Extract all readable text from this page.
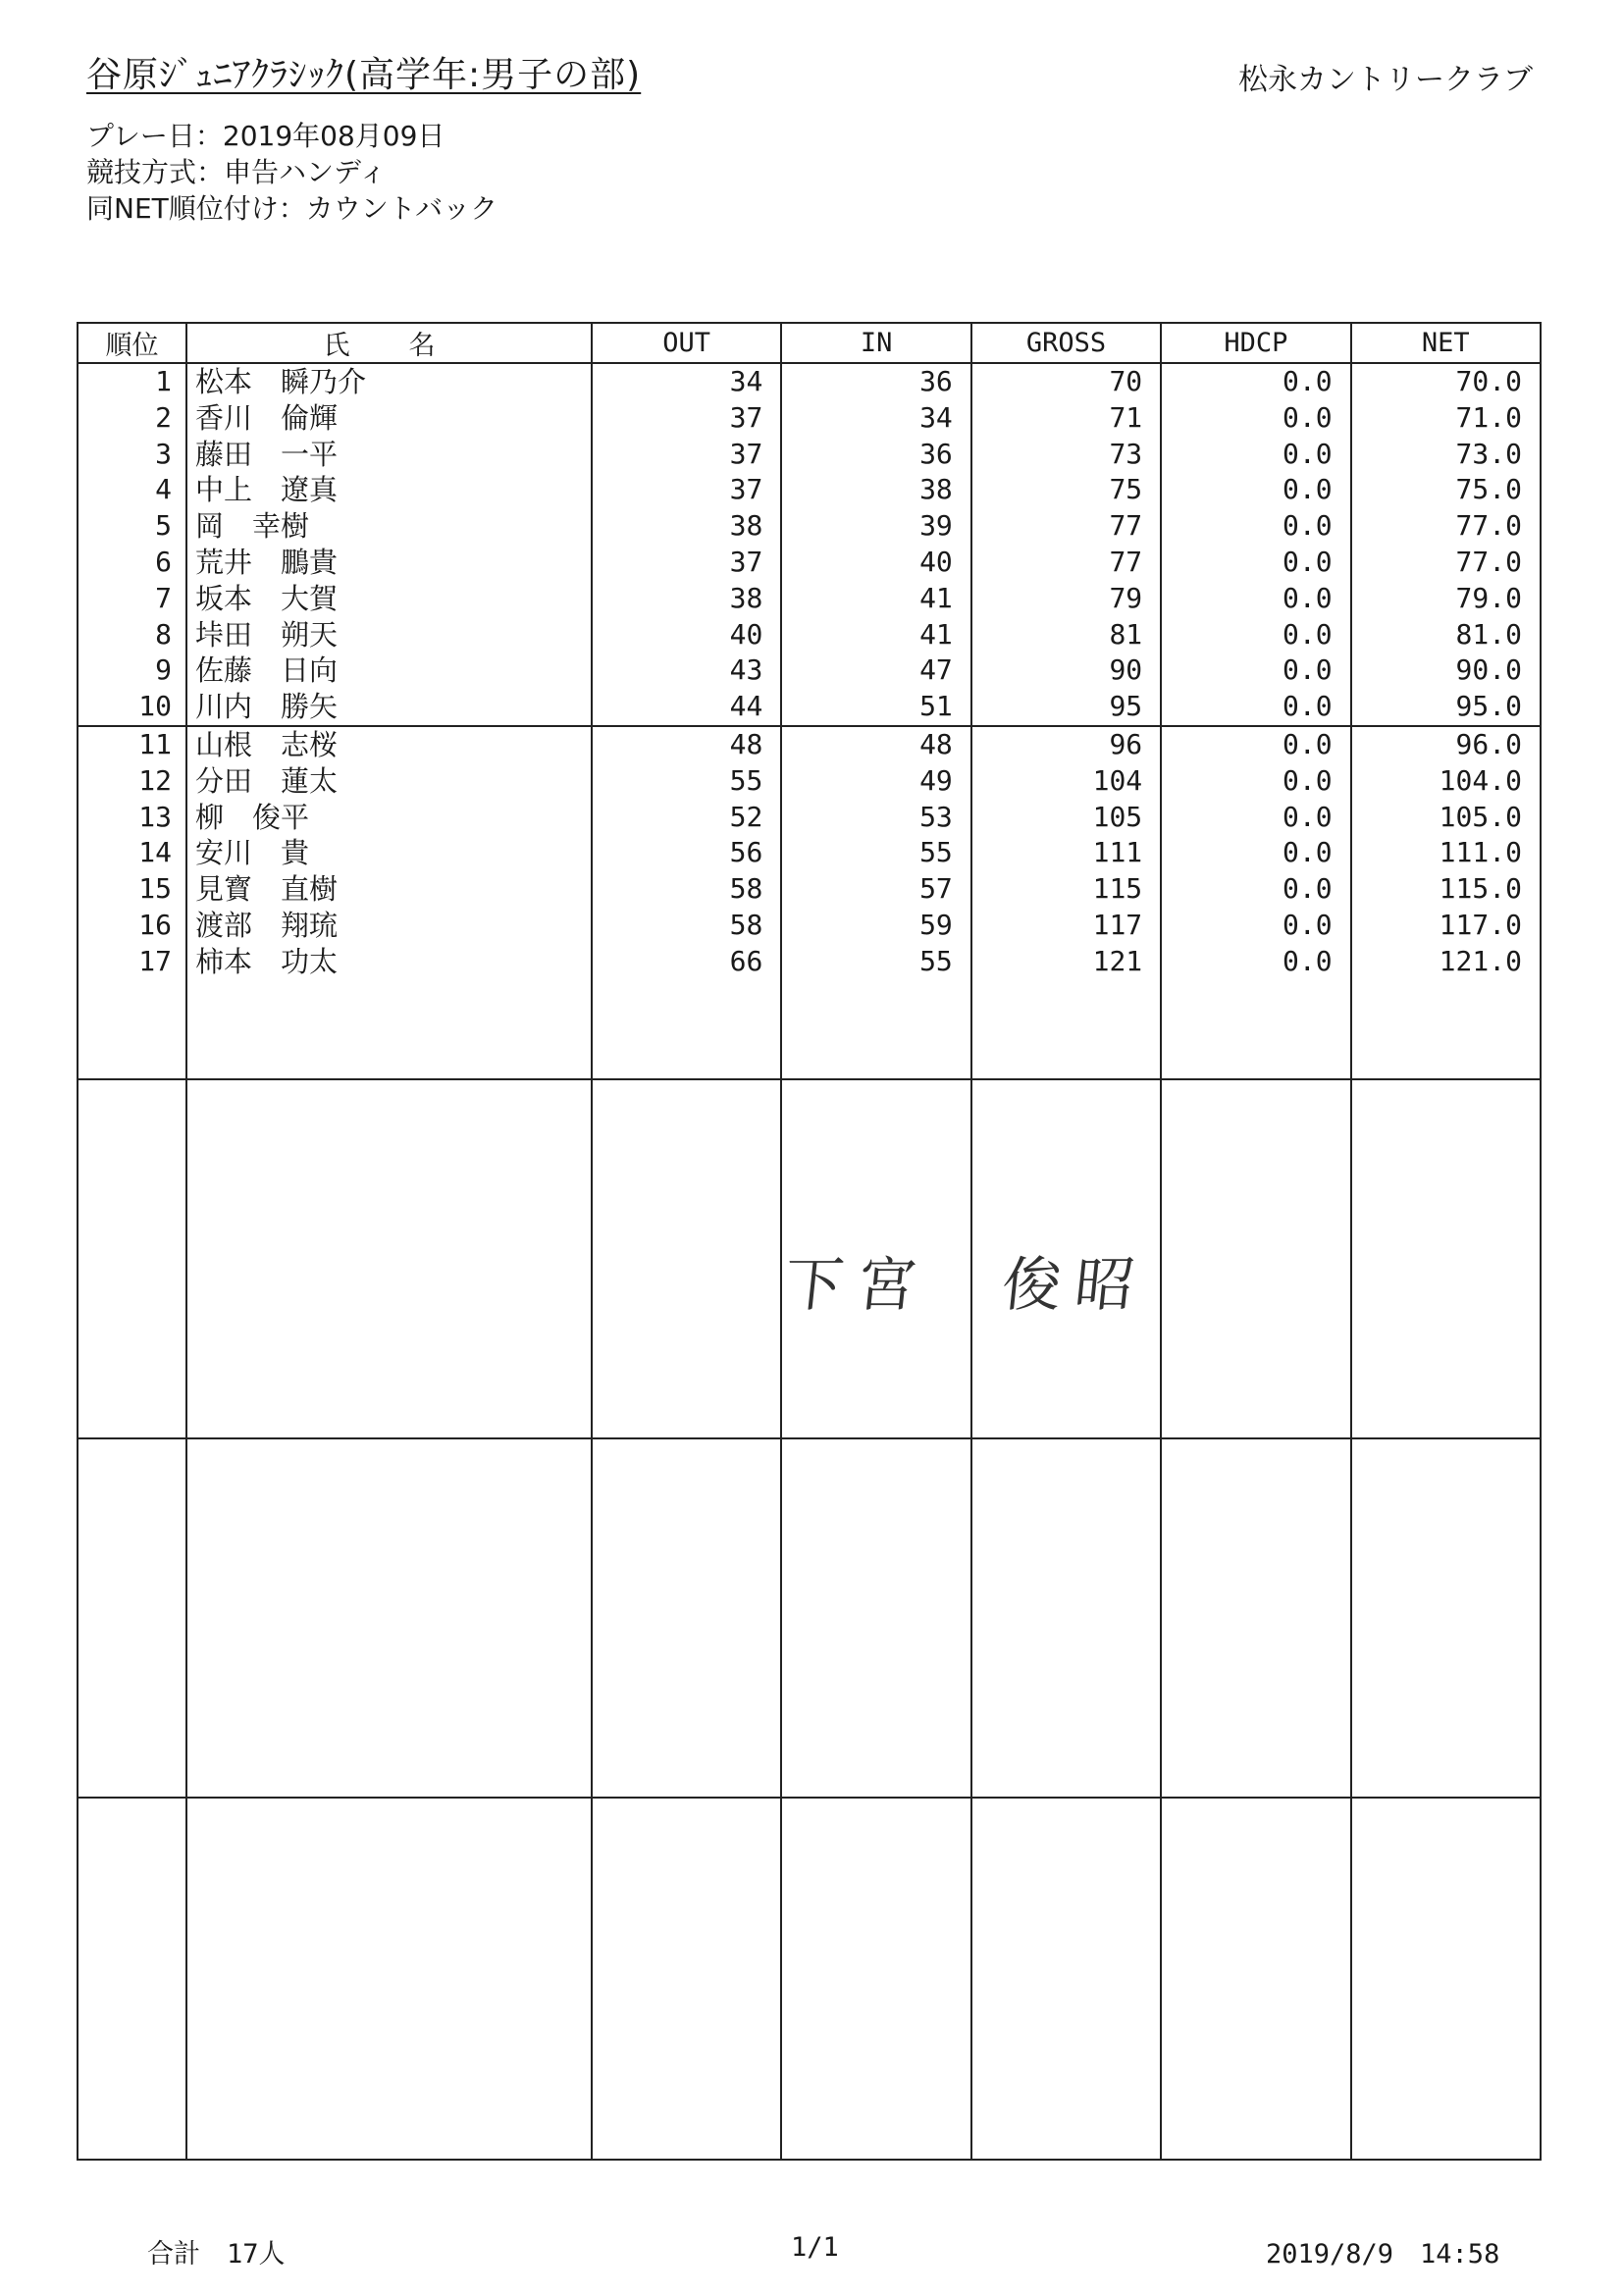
谷原ｼﾞｭﾆｱｸﾗｼｯｸ(高学年:男子の部)	松永カントリークラブ
プレー日：2019年08月09日
競技方式：申告ハンディ
同NET順位付け：カウントバック
順位	氏名	OUT	IN	GROSS	HDCP	NET
1	松本　瞬乃介	34	36	70	0.0	70.0
2	香川　倫輝	37	34	71	0.0	71.0
3	藤田　一平	37	36	73	0.0	73.0
4	中上　遼真	37	38	75	0.0	75.0
5	岡　幸樹	38	39	77	0.0	77.0
6	荒井　鵬貴	37	40	77	0.0	77.0
7	坂本　大賀	38	41	79	0.0	79.0
8	垰田　朔天	40	41	81	0.0	81.0
9	佐藤　日向	43	47	90	0.0	90.0
10	川内　勝矢	44	51	95	0.0	95.0
11	山根　志桜	48	48	96	0.0	96.0
12	分田　蓮太	55	49	104	0.0	104.0
13	柳　俊平	52	53	105	0.0	105.0
14	安川　貴	56	55	111	0.0	111.0
15	見寳　直樹	58	57	115	0.0	115.0
16	渡部　翔琉	58	59	117	0.0	117.0
17	柿本　功太	66	55	121	0.0	121.0

下宮　俊昭
合計　17人	1/1	2019/8/9　14:58
